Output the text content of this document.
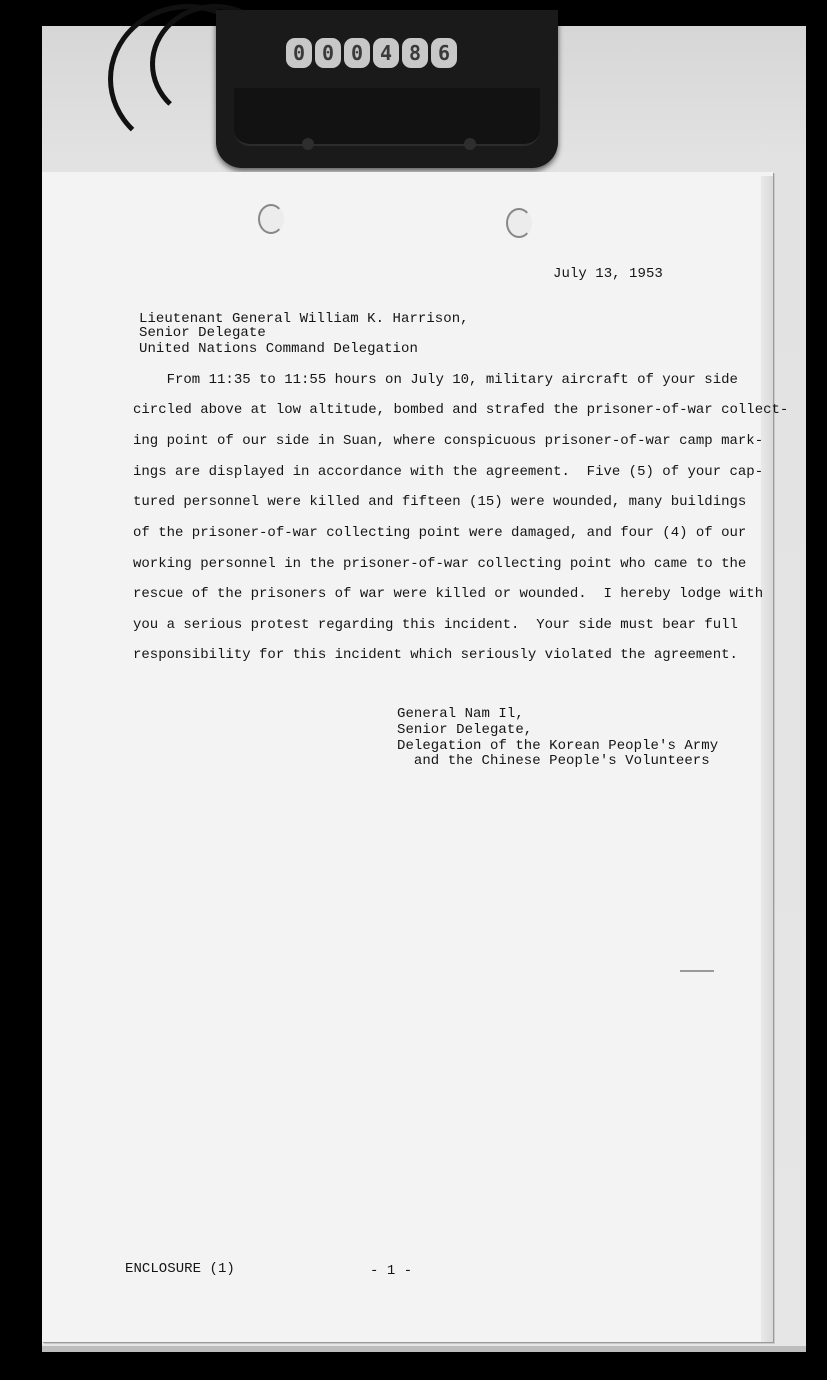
0 0 0 4 8 6
July 13, 1953
Lieutenant General William K. Harrison,
Senior Delegate
United Nations Command Delegation
From 11:35 to 11:55 hours on July 10, military aircraft of your side
circled above at low altitude, bombed and strafed the prisoner-of-war collect-
ing point of our side in Suan, where conspicuous prisoner-of-war camp mark-
ings are displayed in accordance with the agreement.  Five (5) of your cap-
tured personnel were killed and fifteen (15) were wounded, many buildings
of the prisoner-of-war collecting point were damaged, and four (4) of our
working personnel in the prisoner-of-war collecting point who came to the
rescue of the prisoners of war were killed or wounded.  I hereby lodge with
you a serious protest regarding this incident.  Your side must bear full
responsibility for this incident which seriously violated the agreement.
General Nam Il,
Senior Delegate,
Delegation of the Korean People's Army
and the Chinese People's Volunteers
ENCLOSURE (1)	- 1 -
